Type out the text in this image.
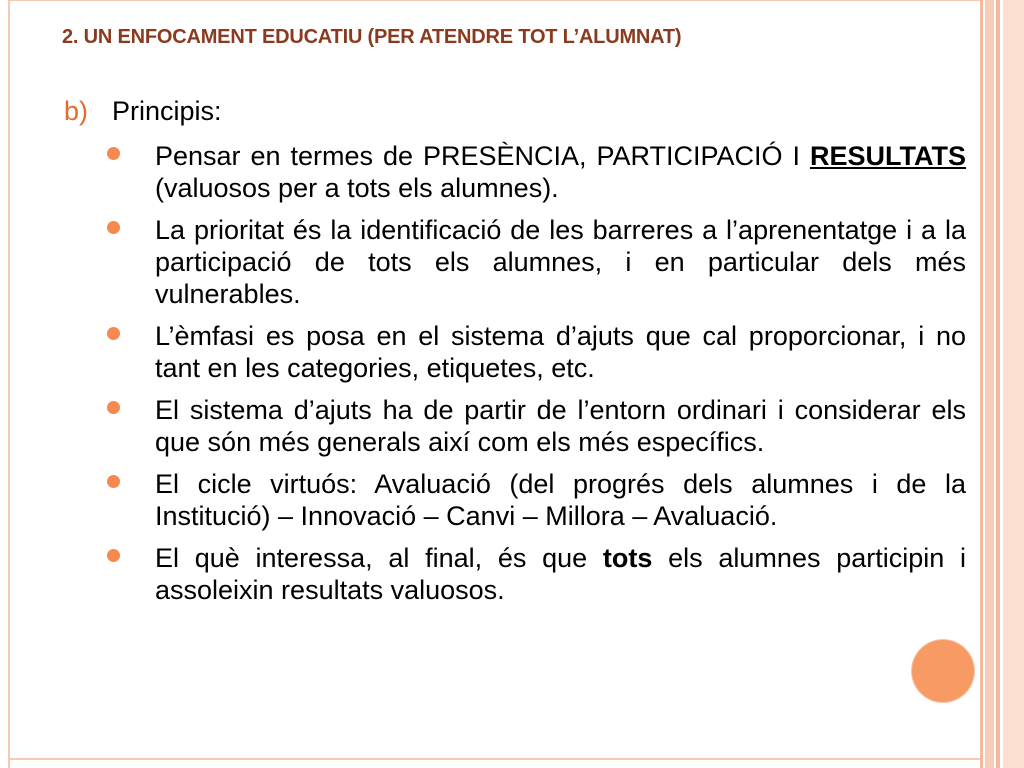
2. UN ENFOCAMENT EDUCATIU (PER ATENDRE TOT L’ALUMNAT)
b) Principis:
Pensar en termes de PRESÈNCIA, PARTICIPACIÓ I RESULTATS (valuosos per a tots els alumnes).
La prioritat és la identificació de les barreres a l’aprenentatge i a la participació de tots els alumnes, i en particular dels més vulnerables.
L’èmfasi es posa en el sistema d’ajuts que cal proporcionar, i no tant en les categories, etiquetes, etc.
El sistema d’ajuts ha de partir de l’entorn ordinari i considerar els que són més generals així com els més específics.
El cicle virtuós: Avaluació (del progrés dels alumnes i de la Institució) – Innovació – Canvi – Millora – Avaluació.
El què interessa, al final, és que tots els alumnes participin i assoleixin resultats valuosos.
